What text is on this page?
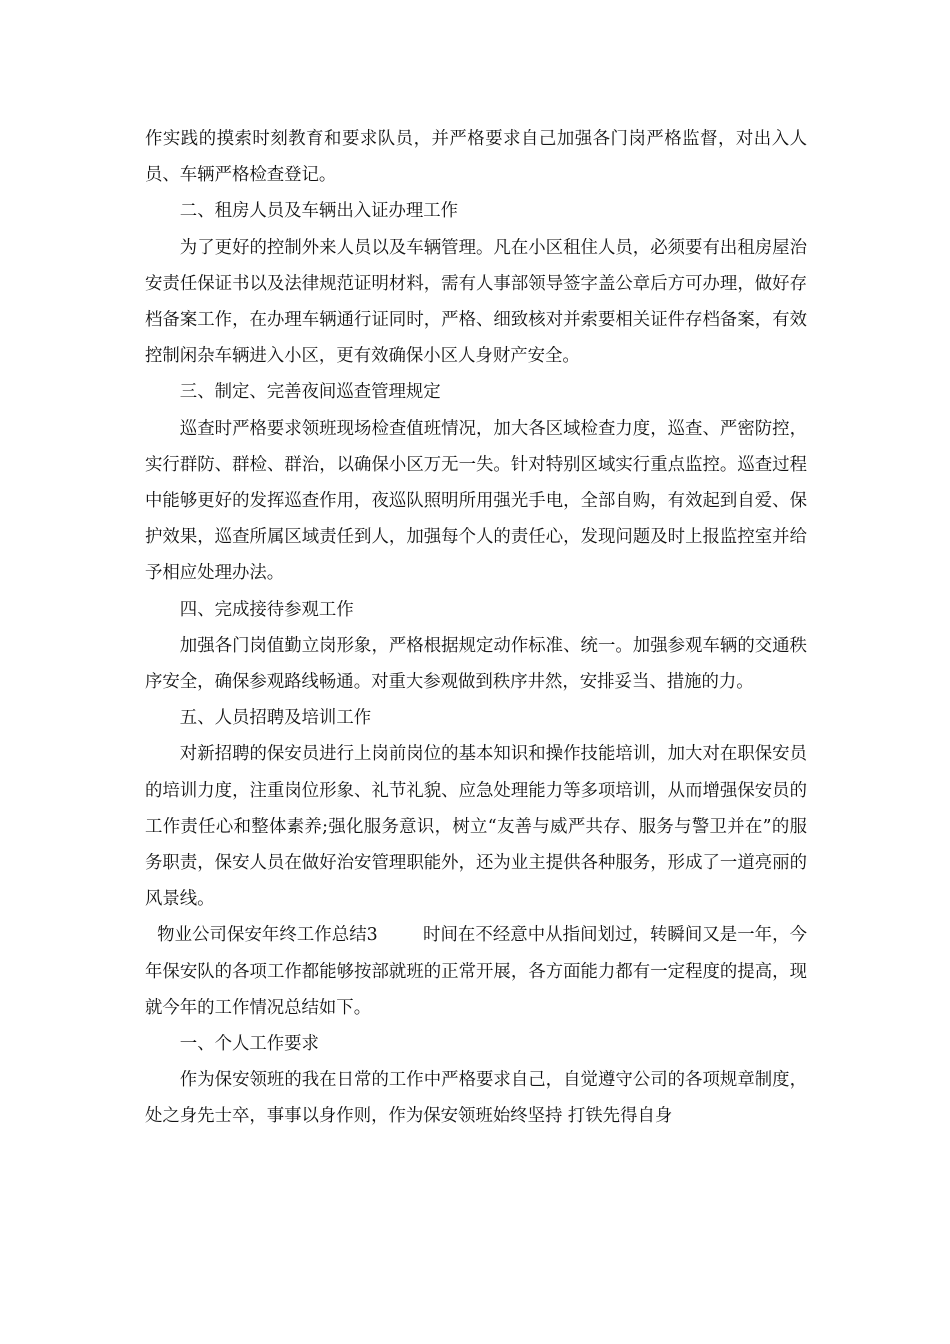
作实践的摸索时刻教育和要求队员，并严格要求自己加强各门岗严格监督，对出入人员、车辆严格检查登记。

二、租房人员及车辆出入证办理工作

为了更好的控制外来人员以及车辆管理。凡在小区租住人员，必须要有出租房屋治安责任保证书以及法律规范证明材料，需有人事部领导签字盖公章后方可办理，做好存档备案工作，在办理车辆通行证同时，严格、细致核对并索要相关证件存档备案，有效控制闲杂车辆进入小区，更有效确保小区人身财产安全。

三、制定、完善夜间巡查管理规定

巡查时严格要求领班现场检查值班情况，加大各区域检查力度，巡查、严密防控，实行群防、群检、群治，以确保小区万无一失。针对特别区域实行重点监控。巡查过程中能够更好的发挥巡查作用，夜巡队照明所用强光手电，全部自购，有效起到自爱、保护效果，巡查所属区域责任到人，加强每个人的责任心，发现问题及时上报监控室并给予相应处理办法。

四、完成接待参观工作

加强各门岗值勤立岗形象，严格根据规定动作标准、统一。加强参观车辆的交通秩序安全，确保参观路线畅通。对重大参观做到秩序井然，安排妥当、措施的力。

五、人员招聘及培训工作

对新招聘的保安员进行上岗前岗位的基本知识和操作技能培训，加大对在职保安员的培训力度，注重岗位形象、礼节礼貌、应急处理能力等多项培训，从而增强保安员的工作责任心和整体素养;强化服务意识，树立“友善与威严共存、服务与警卫并在”的服务职责，保安人员在做好治安管理职能外，还为业主提供各种服务，形成了一道亮丽的风景线。

物业公司保安年终工作总结3	时间在不经意中从指间划过，转瞬间又是一年，今年保安队的各项工作都能够按部就班的正常开展，各方面能力都有一定程度的提高，现就今年的工作情况总结如下。

一、个人工作要求

作为保安领班的我在日常的工作中严格要求自己，自觉遵守公司的各项规章制度，处之身先士卒，事事以身作则，作为保安领班始终坚持 打铁先得自身
